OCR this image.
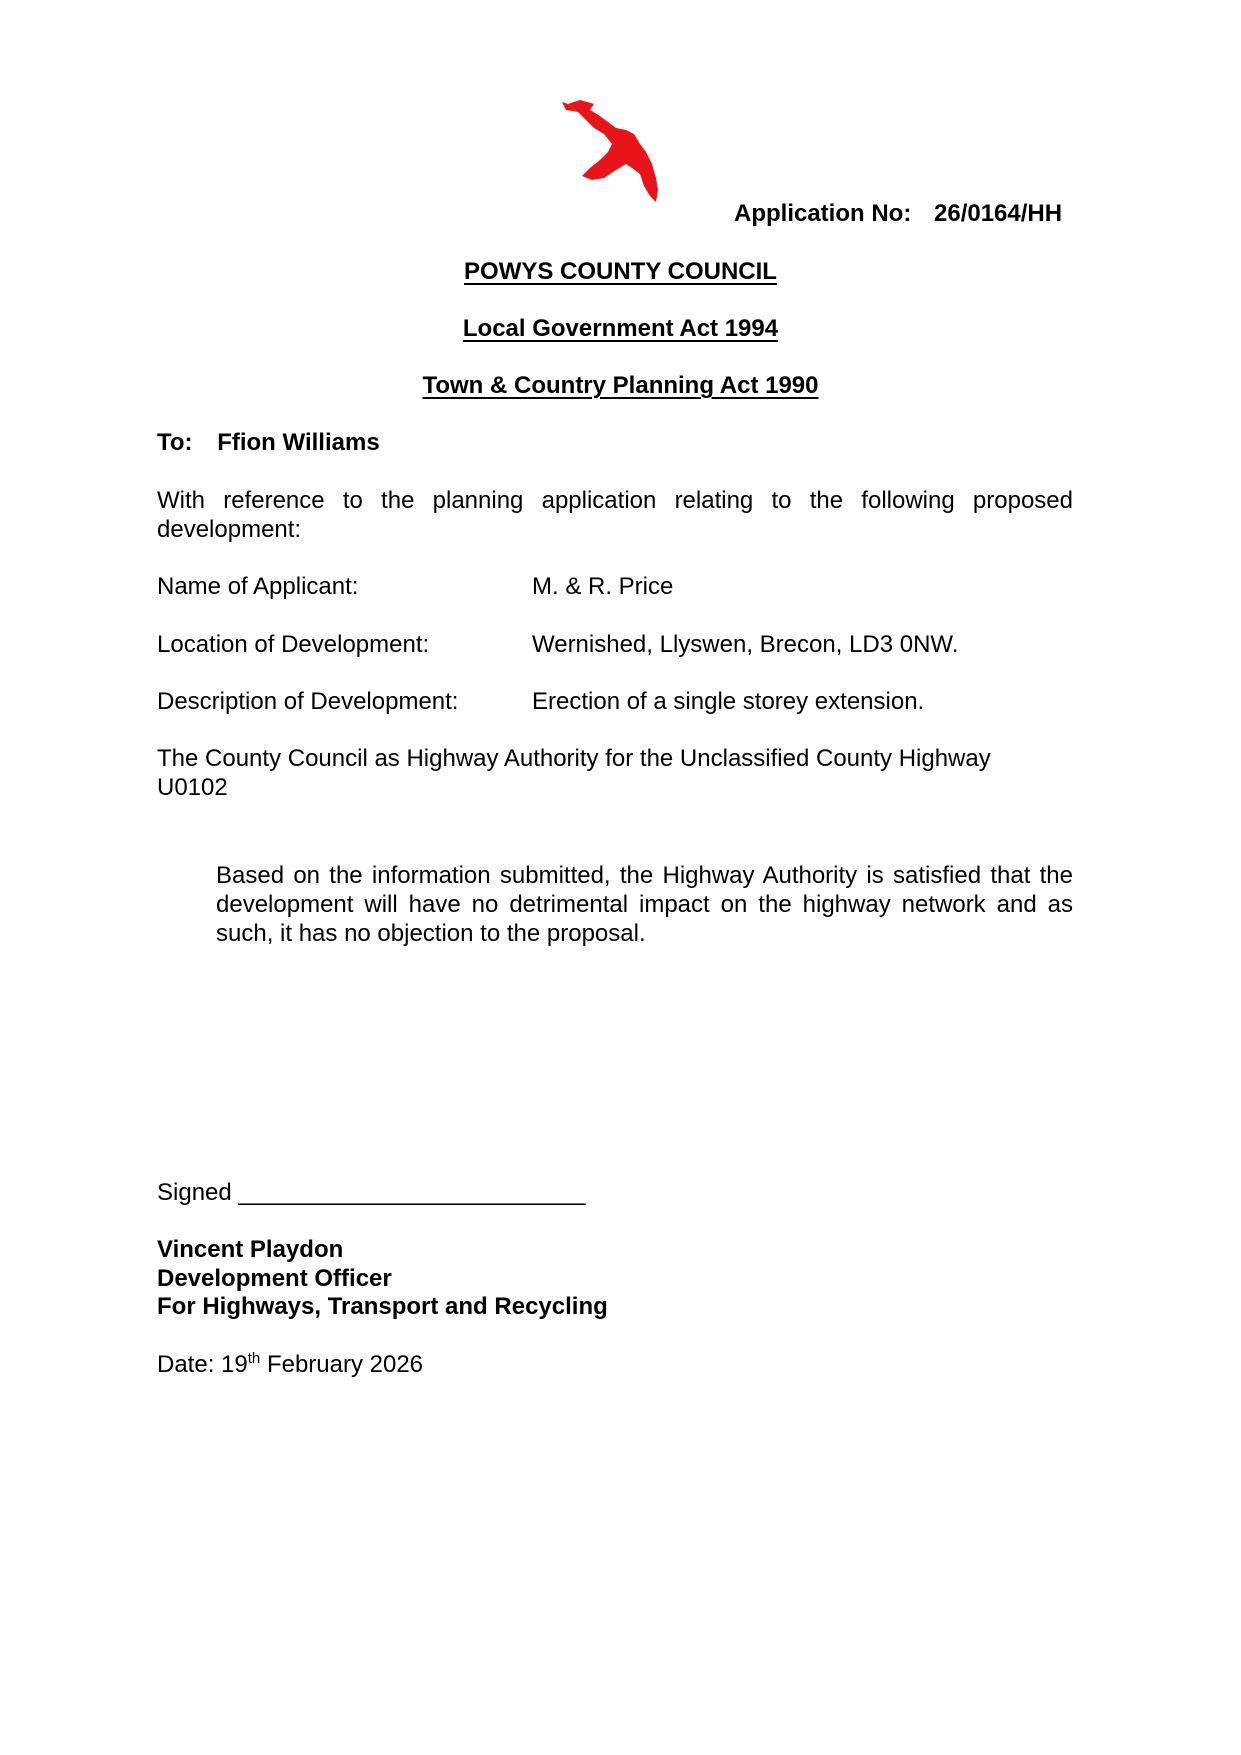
Application No: 26/0164/HH
POWYS COUNTY COUNCIL
Local Government Act 1994
Town & Country Planning Act 1990
To: Ffion Williams
With reference to the planning application relating to the following proposed development:
Name of Applicant:	M. & R. Price
Location of Development:	Wernished, Llyswen, Brecon, LD3 0NW.
Description of Development:	Erection of a single storey extension.
The County Council as Highway Authority for the Unclassified County Highway U0102
Based on the information submitted, the Highway Authority is satisfied that the development will have no detrimental impact on the highway network and as such, it has no objection to the proposal.
Signed __________________________
Vincent Playdon
Development Officer
For Highways, Transport and Recycling
Date: 19th February 2026
